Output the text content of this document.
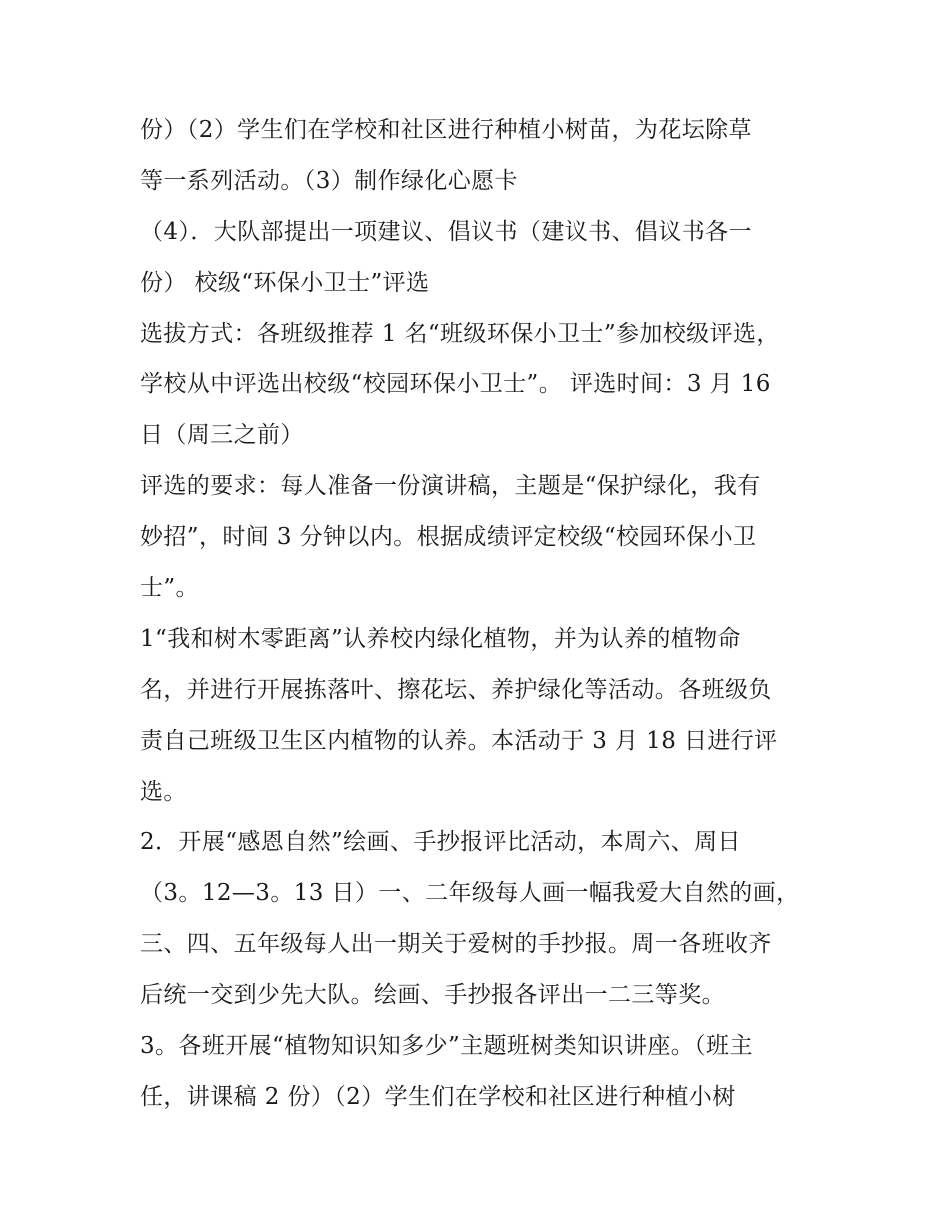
份）（2）学生们在学校和社区进行种植小树苗，为花坛除草
等一系列活动。（3）制作绿化心愿卡
（4）．大队部提出一项建议、倡议书（建议书、倡议书各一
份） 校级“环保小卫士”评选
选拔方式：各班级推荐 1 名“班级环保小卫士”参加校级评选，
学校从中评选出校级“校园环保小卫士”。 评选时间：3 月 16
日（周三之前）
评选的要求：每人准备一份演讲稿，主题是“保护绿化，我有
妙招”，时间 3 分钟以内。根据成绩评定校级“校园环保小卫
士”。
1“我和树木零距离”认养校内绿化植物，并为认养的植物命
名，并进行开展拣落叶、擦花坛、养护绿化等活动。各班级负
责自己班级卫生区内植物的认养。本活动于 3 月 18 日进行评
选。
2．开展“感恩自然”绘画、手抄报评比活动，本周六、周日
（3。12—3。13 日）一、二年级每人画一幅我爱大自然的画，
三、四、五年级每人出一期关于爱树的手抄报。周一各班收齐
后统一交到少先大队。绘画、手抄报各评出一二三等奖。
3。各班开展“植物知识知多少”主题班树类知识讲座。（班主
任，讲课稿 2 份）（2）学生们在学校和社区进行种植小树
